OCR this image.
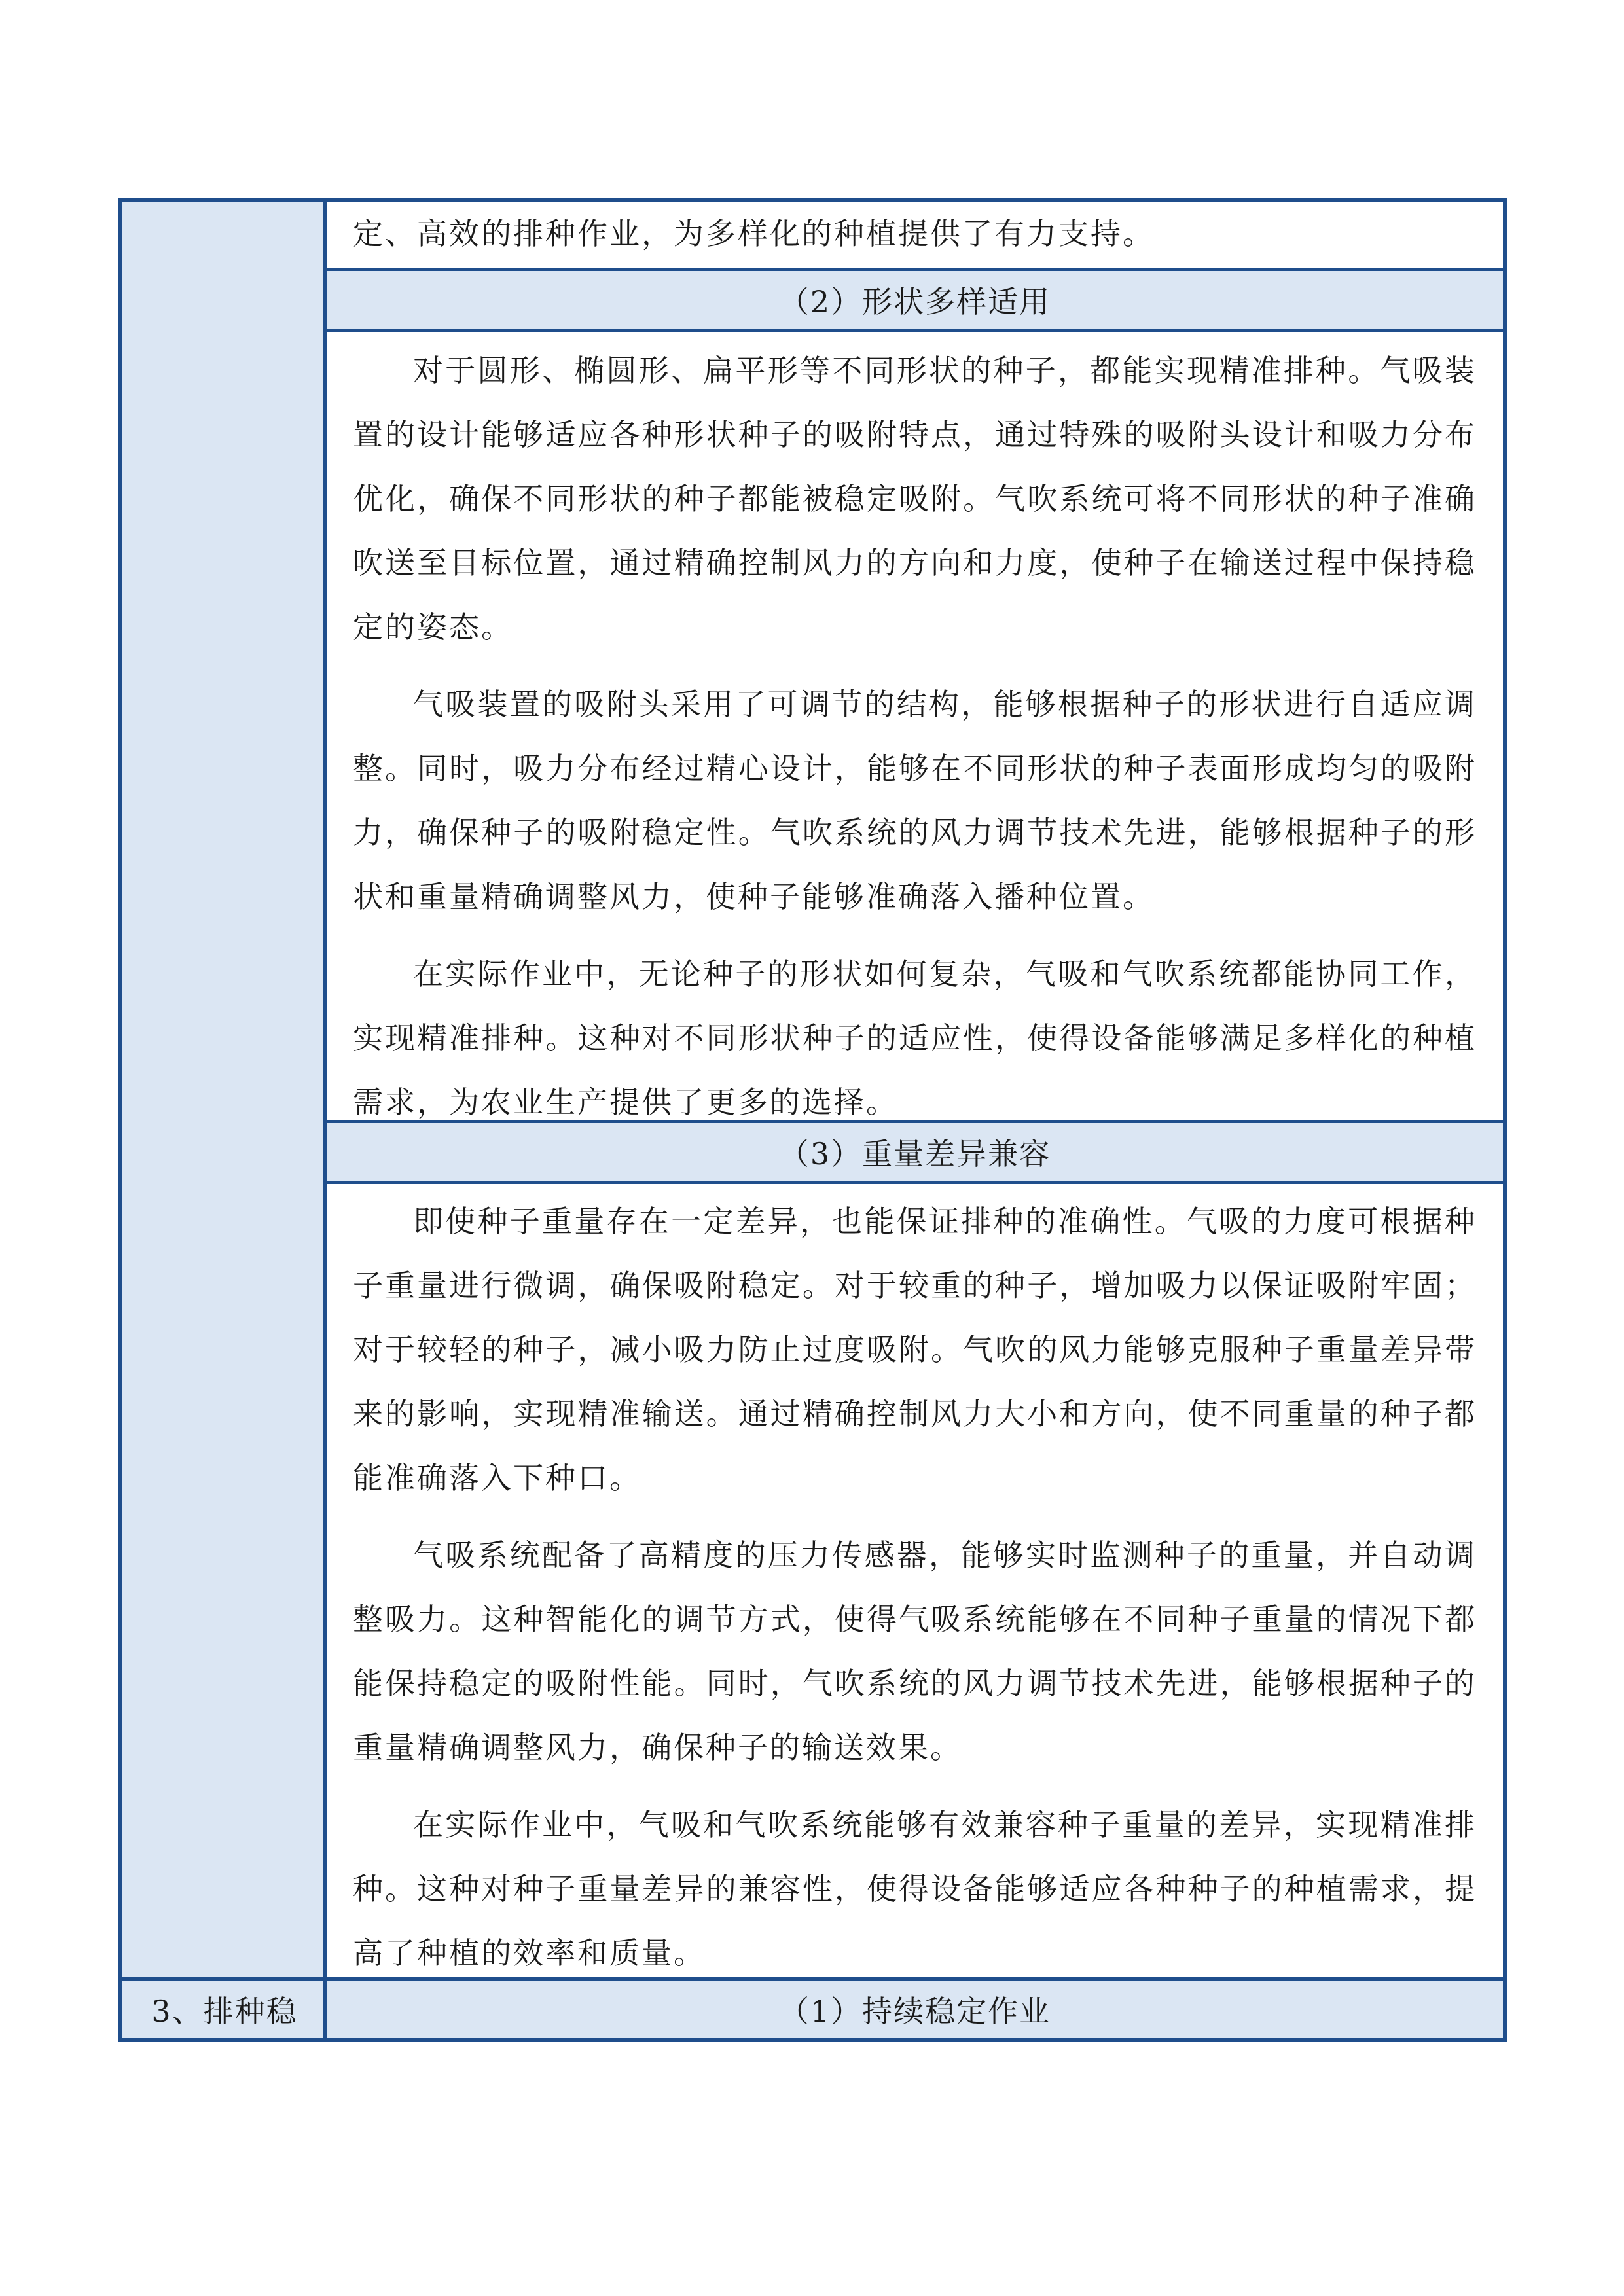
3、排种稳

定、高效的排种作业，为多样化的种植提供了有力支持。

（2）形状多样适用

对于圆形、椭圆形、扁平形等不同形状的种子，都能实现精准排种。气吸装置的设计能够适应各种形状种子的吸附特点，通过特殊的吸附头设计和吸力分布优化，确保不同形状的种子都能被稳定吸附。气吹系统可将不同形状的种子准确吹送至目标位置，通过精确控制风力的方向和力度，使种子在输送过程中保持稳定的姿态。

气吸装置的吸附头采用了可调节的结构，能够根据种子的形状进行自适应调整。同时，吸力分布经过精心设计，能够在不同形状的种子表面形成均匀的吸附力，确保种子的吸附稳定性。气吹系统的风力调节技术先进，能够根据种子的形状和重量精确调整风力，使种子能够准确落入播种位置。

在实际作业中，无论种子的形状如何复杂，气吸和气吹系统都能协同工作，实现精准排种。这种对不同形状种子的适应性，使得设备能够满足多样化的种植需求，为农业生产提供了更多的选择。

（3）重量差异兼容

即使种子重量存在一定差异，也能保证排种的准确性。气吸的力度可根据种子重量进行微调，确保吸附稳定。对于较重的种子，增加吸力以保证吸附牢固；对于较轻的种子，减小吸力防止过度吸附。气吹的风力能够克服种子重量差异带来的影响，实现精准输送。通过精确控制风力大小和方向，使不同重量的种子都能准确落入下种口。

气吸系统配备了高精度的压力传感器，能够实时监测种子的重量，并自动调整吸力。这种智能化的调节方式，使得气吸系统能够在不同种子重量的情况下都能保持稳定的吸附性能。同时，气吹系统的风力调节技术先进，能够根据种子的重量精确调整风力，确保种子的输送效果。

在实际作业中，气吸和气吹系统能够有效兼容种子重量的差异，实现精准排种。这种对种子重量差异的兼容性，使得设备能够适应各种种子的种植需求，提高了种植的效率和质量。

（1）持续稳定作业
